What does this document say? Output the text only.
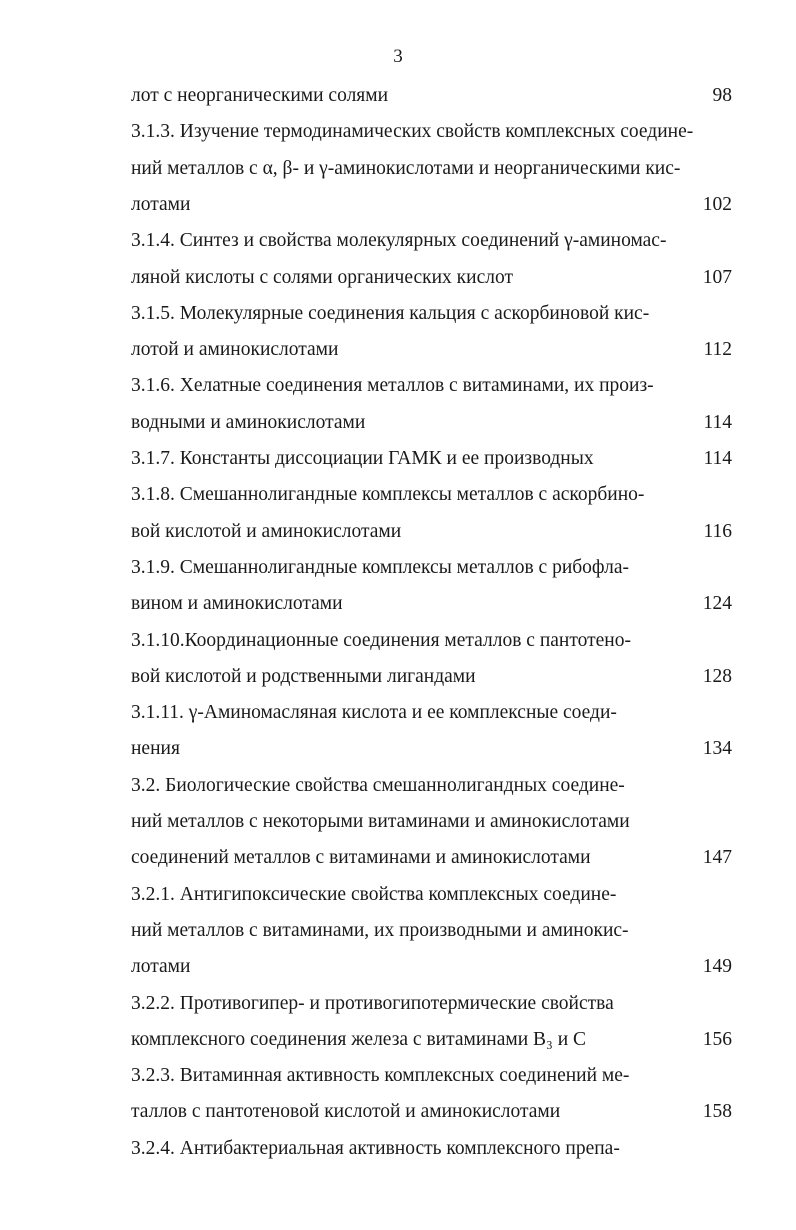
3
лот с неорганическими солями	98
3.1.3. Изучение термодинамических свойств комплексных соедине-
ний металлов с α, β- и γ-аминокислотами и неорганическими кис-
лотами	102
3.1.4. Синтез и свойства молекулярных соединений γ-аминомас-
ляной кислоты с солями органических кислот	107
3.1.5. Молекулярные соединения кальция с аскорбиновой кис-
лотой и аминокислотами	112
3.1.6. Хелатные соединения металлов с витаминами, их произ-
водными и аминокислотами	114
3.1.7. Константы диссоциации ГАМК и ее производных	114
3.1.8. Смешаннолигандные комплексы металлов с аскорбино-
вой кислотой и аминокислотами	116
3.1.9. Смешаннолигандные комплексы металлов с рибофла-
вином и аминокислотами	124
3.1.10.Координационные соединения металлов с пантотено-
вой кислотой и родственными лигандами	128
3.1.11. γ-Аминомасляная кислота и ее комплексные соеди-
нения	134
3.2. Биологические свойства смешаннолигандных соедине-
ний металлов с некоторыми витаминами и аминокислотами
соединений металлов с витаминами и аминокислотами	147
3.2.1. Антигипоксические свойства комплексных соедине-
ний металлов с витаминами, их производными и аминокис-
лотами	149
3.2.2. Противогипер- и противогипотермические свойства
комплексного соединения железа с витаминами B₃ и C	156
3.2.3. Витаминная активность комплексных соединений ме-
таллов с пантотеновой кислотой и аминокислотами	158
3.2.4. Антибактериальная активность комплексного препа-
